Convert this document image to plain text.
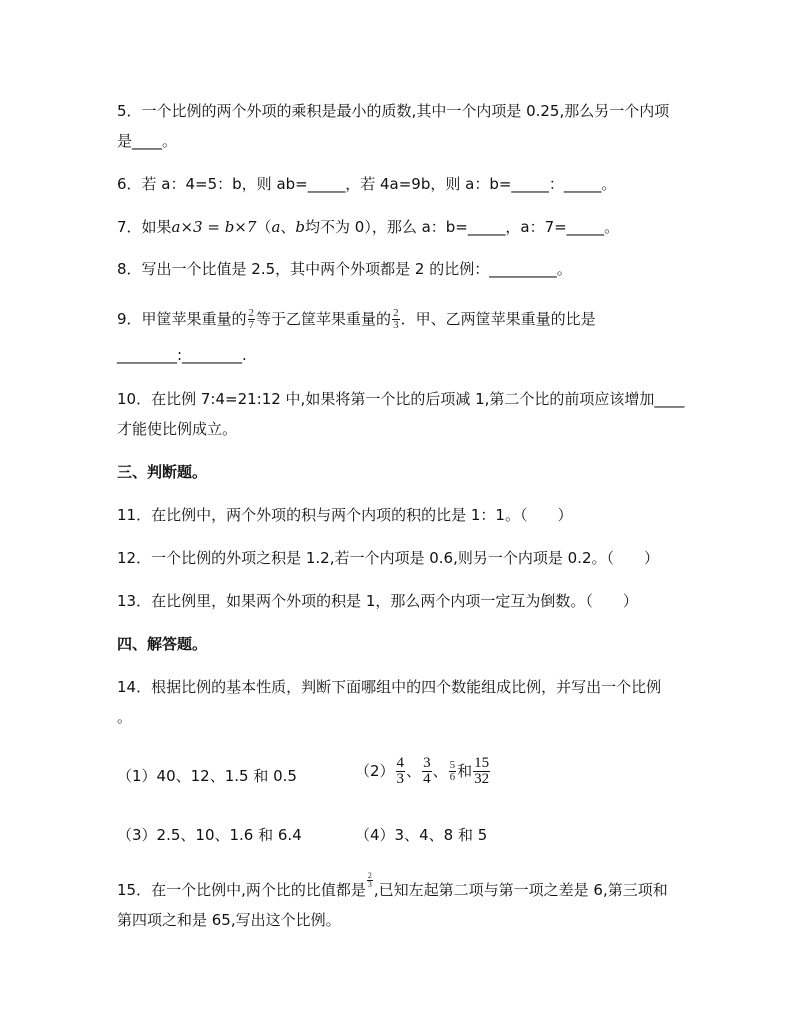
5．一个比例的两个外项的乘积是最小的质数,其中一个内项是 0.25,那么另一个内项
是____。
6．若 a：4=5：b，则 ab=_____，若 4a=9b，则 a：b=_____：_____。
7．如果a×3 = b×7（a、b均不为 0），那么 a：b=_____，a：7=_____。
8．写出一个比值是 2.5，其中两个外项都是 2 的比例：_________。
9．甲筐苹果重量的 $\frac{2}{7}$ 等于乙筐苹果重量的 $\frac{2}{3}$ ．甲、乙两筐苹果重量的比是
________:________.
10．在比例 7:4=21:12 中,如果将第一个比的后项减 1,第二个比的前项应该增加____
才能使比例成立。
三、判断题。
11．在比例中，两个外项的积与两个内项的积的比是 1：1。（　　）
12．一个比例的外项之积是 1.2,若一个内项是 0.6,则另一个内项是 0.2。（　　）
13．在比例里，如果两个外项的积是 1，那么两个内项一定互为倒数。（　　）
四、解答题。
14．根据比例的基本性质，判断下面哪组中的四个数能组成比例，并写出一个比例
。
（1）40、12、1.5 和 0.5	$(2) \frac{4}{3}$ 、 $\frac{3}{4}$ 、 $\frac{5}{6}$ 和 $\frac{15}{32}$
（3）2.5、10、1.6 和 6.4	（4）3、4、8 和 5
15．在一个比例中,两个比的比值都是
$\frac{2}{3}$
,已知左起第二项与第一项之差是 6,第三项和
第四项之和是 65,写出这个比例。
